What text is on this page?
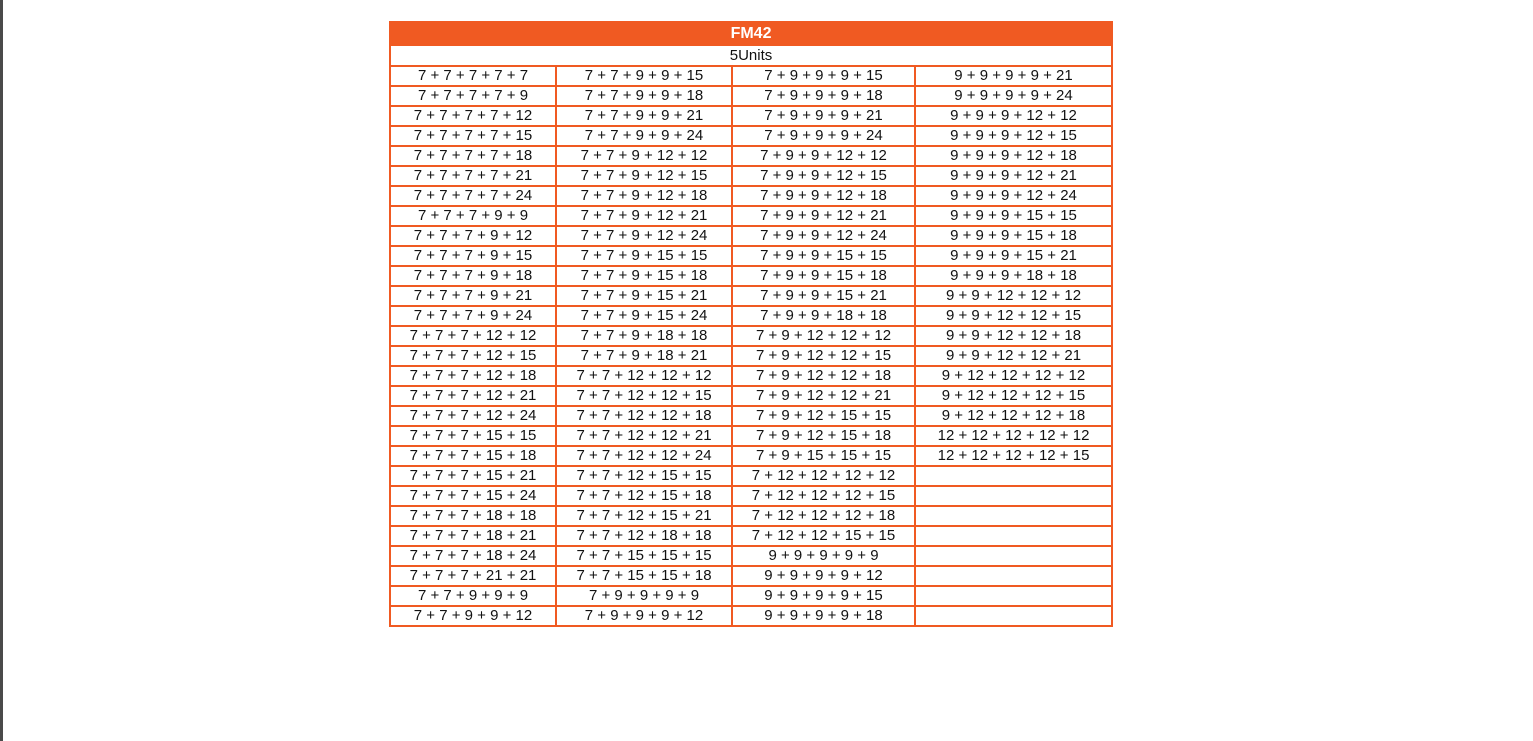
FM42			
5Units			
7 + 7 + 7 + 7 + 7	7 + 7 + 9 + 9 + 15	7 + 9 + 9 + 9 + 15	9 + 9 + 9 + 9 + 21
7 + 7 + 7 + 7 + 9	7 + 7 + 9 + 9 + 18	7 + 9 + 9 + 9 + 18	9 + 9 + 9 + 9 + 24
7 + 7 + 7 + 7 + 12	7 + 7 + 9 + 9 + 21	7 + 9 + 9 + 9 + 21	9 + 9 + 9 + 12 + 12
7 + 7 + 7 + 7 + 15	7 + 7 + 9 + 9 + 24	7 + 9 + 9 + 9 + 24	9 + 9 + 9 + 12 + 15
7 + 7 + 7 + 7 + 18	7 + 7 + 9 + 12 + 12	7 + 9 + 9 + 12 + 12	9 + 9 + 9 + 12 + 18
7 + 7 + 7 + 7 + 21	7 + 7 + 9 + 12 + 15	7 + 9 + 9 + 12 + 15	9 + 9 + 9 + 12 + 21
7 + 7 + 7 + 7 + 24	7 + 7 + 9 + 12 + 18	7 + 9 + 9 + 12 + 18	9 + 9 + 9 + 12 + 24
7 + 7 + 7 + 9 + 9	7 + 7 + 9 + 12 + 21	7 + 9 + 9 + 12 + 21	9 + 9 + 9 + 15 + 15
7 + 7 + 7 + 9 + 12	7 + 7 + 9 + 12 + 24	7 + 9 + 9 + 12 + 24	9 + 9 + 9 + 15 + 18
7 + 7 + 7 + 9 + 15	7 + 7 + 9 + 15 + 15	7 + 9 + 9 + 15 + 15	9 + 9 + 9 + 15 + 21
7 + 7 + 7 + 9 + 18	7 + 7 + 9 + 15 + 18	7 + 9 + 9 + 15 + 18	9 + 9 + 9 + 18 + 18
7 + 7 + 7 + 9 + 21	7 + 7 + 9 + 15 + 21	7 + 9 + 9 + 15 + 21	9 + 9 + 12 + 12 + 12
7 + 7 + 7 + 9 + 24	7 + 7 + 9 + 15 + 24	7 + 9 + 9 + 18 + 18	9 + 9 + 12 + 12 + 15
7 + 7 + 7 + 12 + 12	7 + 7 + 9 + 18 + 18	7 + 9 + 12 + 12 + 12	9 + 9 + 12 + 12 + 18
7 + 7 + 7 + 12 + 15	7 + 7 + 9 + 18 + 21	7 + 9 + 12 + 12 + 15	9 + 9 + 12 + 12 + 21
7 + 7 + 7 + 12 + 18	7 + 7 + 12 + 12 + 12	7 + 9 + 12 + 12 + 18	9 + 12 + 12 + 12 + 12
7 + 7 + 7 + 12 + 21	7 + 7 + 12 + 12 + 15	7 + 9 + 12 + 12 + 21	9 + 12 + 12 + 12 + 15
7 + 7 + 7 + 12 + 24	7 + 7 + 12 + 12 + 18	7 + 9 + 12 + 15 + 15	9 + 12 + 12 + 12 + 18
7 + 7 + 7 + 15 + 15	7 + 7 + 12 + 12 + 21	7 + 9 + 12 + 15 + 18	12 + 12 + 12 + 12 + 12
7 + 7 + 7 + 15 + 18	7 + 7 + 12 + 12 + 24	7 + 9 + 15 + 15 + 15	12 + 12 + 12 + 12 + 15
7 + 7 + 7 + 15 + 21	7 + 7 + 12 + 15 + 15	7 + 12 + 12 + 12 + 12	
7 + 7 + 7 + 15 + 24	7 + 7 + 12 + 15 + 18	7 + 12 + 12 + 12 + 15	
7 + 7 + 7 + 18 + 18	7 + 7 + 12 + 15 + 21	7 + 12 + 12 + 12 + 18	
7 + 7 + 7 + 18 + 21	7 + 7 + 12 + 18 + 18	7 + 12 + 12 + 15 + 15	
7 + 7 + 7 + 18 + 24	7 + 7 + 15 + 15 + 15	9 + 9 + 9 + 9 + 9	
7 + 7 + 7 + 21 + 21	7 + 7 + 15 + 15 + 18	9 + 9 + 9 + 9 + 12	
7 + 7 + 9 + 9 + 9	7 + 9 + 9 + 9 + 9	9 + 9 + 9 + 9 + 15	
7 + 7 + 9 + 9 + 12	7 + 9 + 9 + 9 + 12	9 + 9 + 9 + 9 + 18	
